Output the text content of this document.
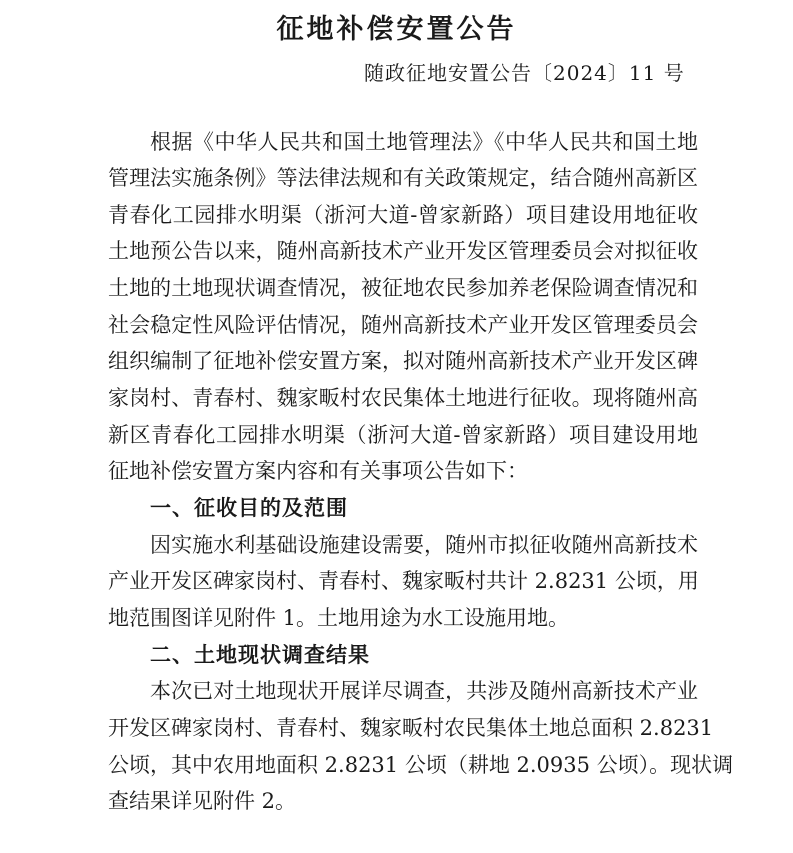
征地补偿安置公告
随政征地安置公告〔2024〕11 号
根据《中华人民共和国土地管理法》《中华人民共和国土地
管理法实施条例》等法律法规和有关政策规定，结合随州高新区
青春化工园排水明渠（浙河大道-曾家新路）项目建设用地征收
土地预公告以来，随州高新技术产业开发区管理委员会对拟征收
土地的土地现状调查情况，被征地农民参加养老保险调查情况和
社会稳定性风险评估情况，随州高新技术产业开发区管理委员会
组织编制了征地补偿安置方案，拟对随州高新技术产业开发区碑
家岗村、青春村、魏家畈村农民集体土地进行征收。现将随州高
新区青春化工园排水明渠（浙河大道-曾家新路）项目建设用地
征地补偿安置方案内容和有关事项公告如下：
一、征收目的及范围
因实施水利基础设施建设需要，随州市拟征收随州高新技术
产业开发区碑家岗村、青春村、魏家畈村共计 2.8231 公顷，用
地范围图详见附件 1。土地用途为水工设施用地。
二、土地现状调查结果
本次已对土地现状开展详尽调查，共涉及随州高新技术产业
开发区碑家岗村、青春村、魏家畈村农民集体土地总面积 2.8231
公顷，其中农用地面积 2.8231 公顷（耕地 2.0935 公顷）。现状调
查结果详见附件 2。
